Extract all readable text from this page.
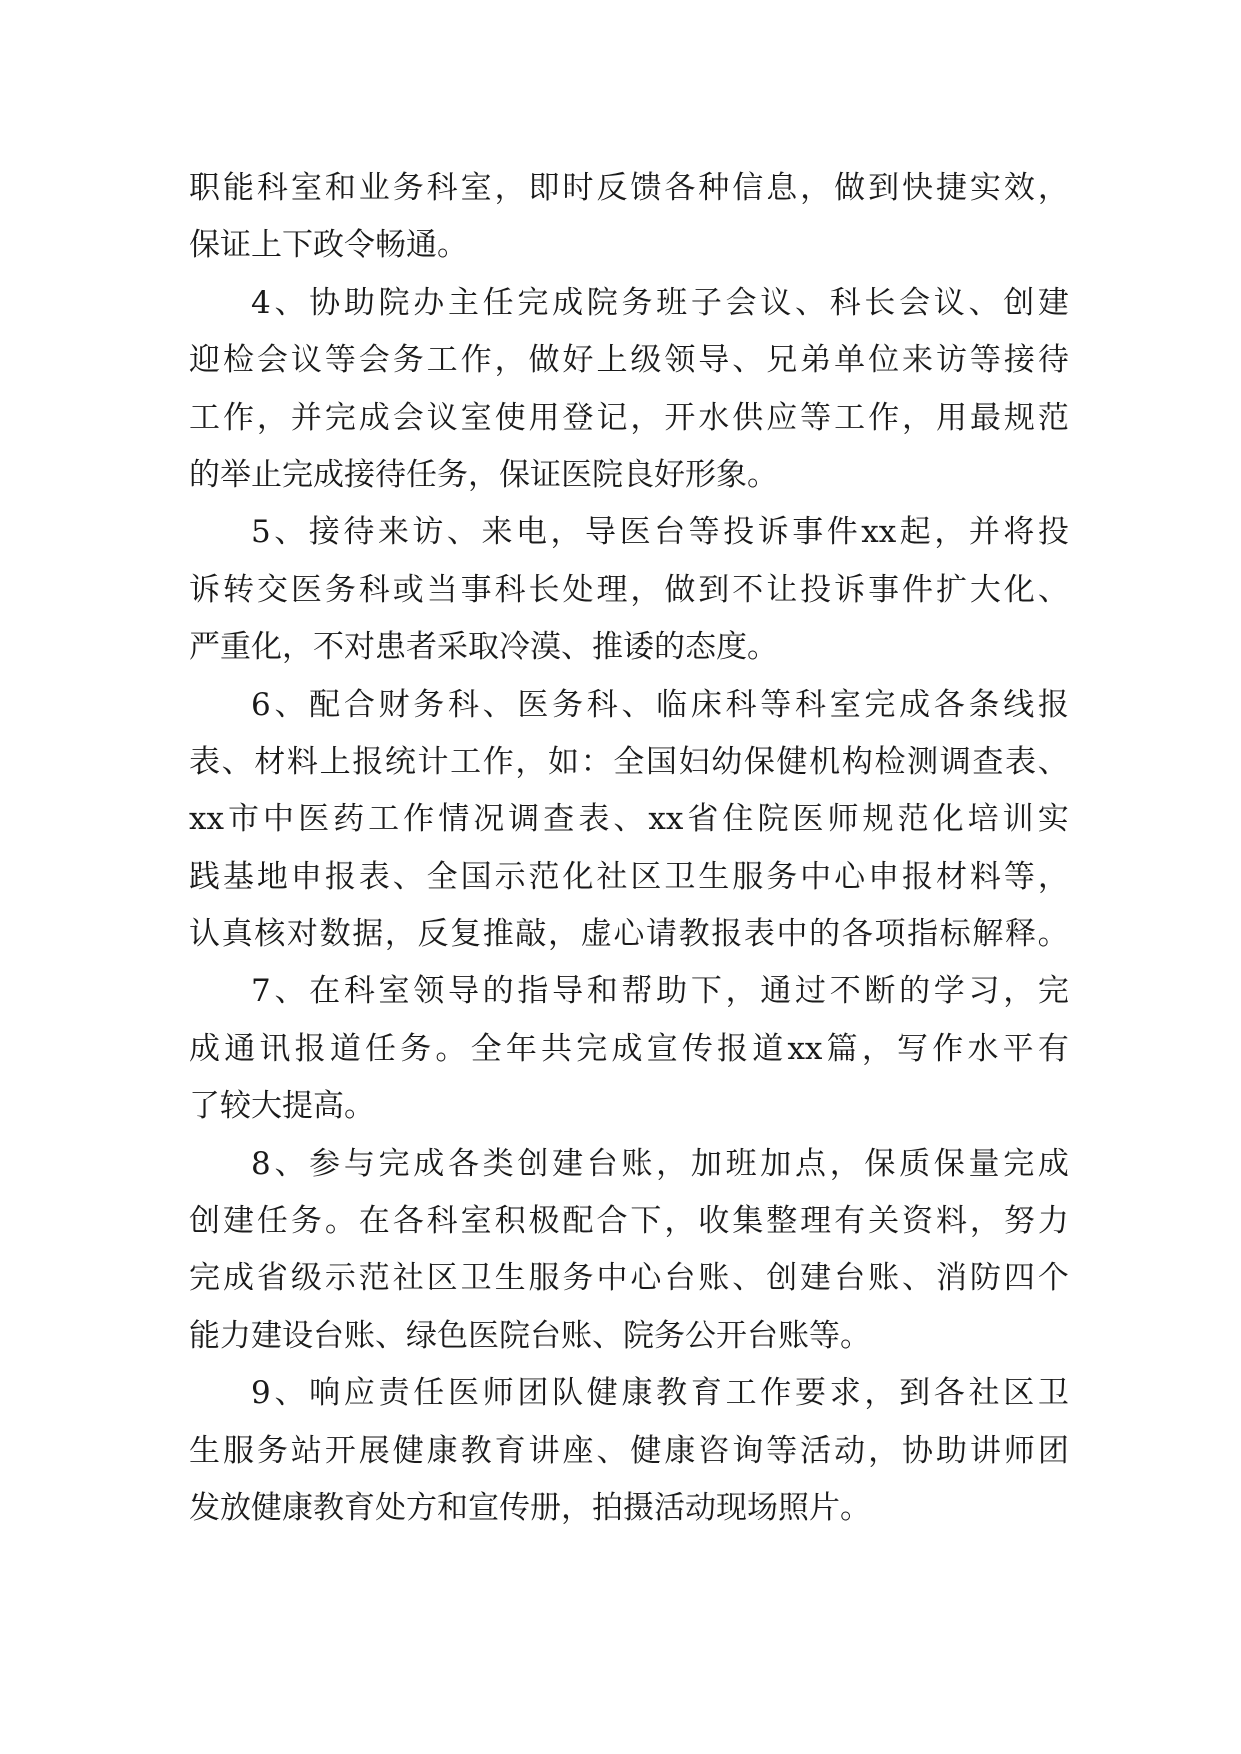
职 能 科 室 和 业 务 科 室 ， 即 时 反 馈 各 种 信 息 ， 做 到 快 捷 实 效 ，
保证上下政令畅通。
4 、 协 助 院 办 主 任 完 成 院 务 班 子 会 议 、 科 长 会 议 、 创 建
迎 检 会 议 等 会 务 工 作 ， 做 好 上 级 领 导 、 兄 弟 单 位 来 访 等 接 待
工 作 ， 并 完 成 会 议 室 使 用 登 记 ， 开 水 供 应 等 工 作 ， 用 最 规 范
的举止完成接待任务，保证医院良好形象。
5 、 接 待 来 访 、 来 电 ， 导 医 台 等 投 诉 事 件 xx 起 ， 并 将 投
诉 转 交 医 务 科 或 当 事 科 长 处 理 ， 做 到 不 让 投 诉 事 件 扩 大 化 、
严重化，不对患者采取冷漠、推诿的态度。
6 、 配 合 财 务 科 、 医 务 科 、 临 床 科 等 科 室 完 成 各 条 线 报
表 、 材 料 上 报 统 计 工 作 ， 如 ： 全 国 妇 幼 保 健 机 构 检 测 调 查 表 、
xx 市 中 医 药 工 作 情 况 调 查 表 、 xx 省 住 院 医 师 规 范 化 培 训 实
践 基 地 申 报 表 、 全 国 示 范 化 社 区 卫 生 服 务 中 心 申 报 材 料 等 ，
认 真 核 对 数 据 ， 反 复 推 敲 ， 虚 心 请 教 报 表 中 的 各 项 指 标 解 释 。
7 、 在 科 室 领 导 的 指 导 和 帮 助 下 ， 通 过 不 断 的 学 习 ， 完
成 通 讯 报 道 任 务 。 全 年 共 完 成 宣 传 报 道 xx 篇 ， 写 作 水 平 有
了较大提高。
8 、 参 与 完 成 各 类 创 建 台 账 ， 加 班 加 点 ， 保 质 保 量 完 成
创 建 任 务 。 在 各 科 室 积 极 配 合 下 ， 收 集 整 理 有 关 资 料 ， 努 力
完 成 省 级 示 范 社 区 卫 生 服 务 中 心 台 账 、 创 建 台 账 、 消 防 四 个
能力建设台账、绿色医院台账、院务公开台账等。
9 、 响 应 责 任 医 师 团 队 健 康 教 育 工 作 要 求 ， 到 各 社 区 卫
生 服 务 站 开 展 健 康 教 育 讲 座 、 健 康 咨 询 等 活 动 ， 协 助 讲 师 团
发放健康教育处方和宣传册，拍摄活动现场照片。
